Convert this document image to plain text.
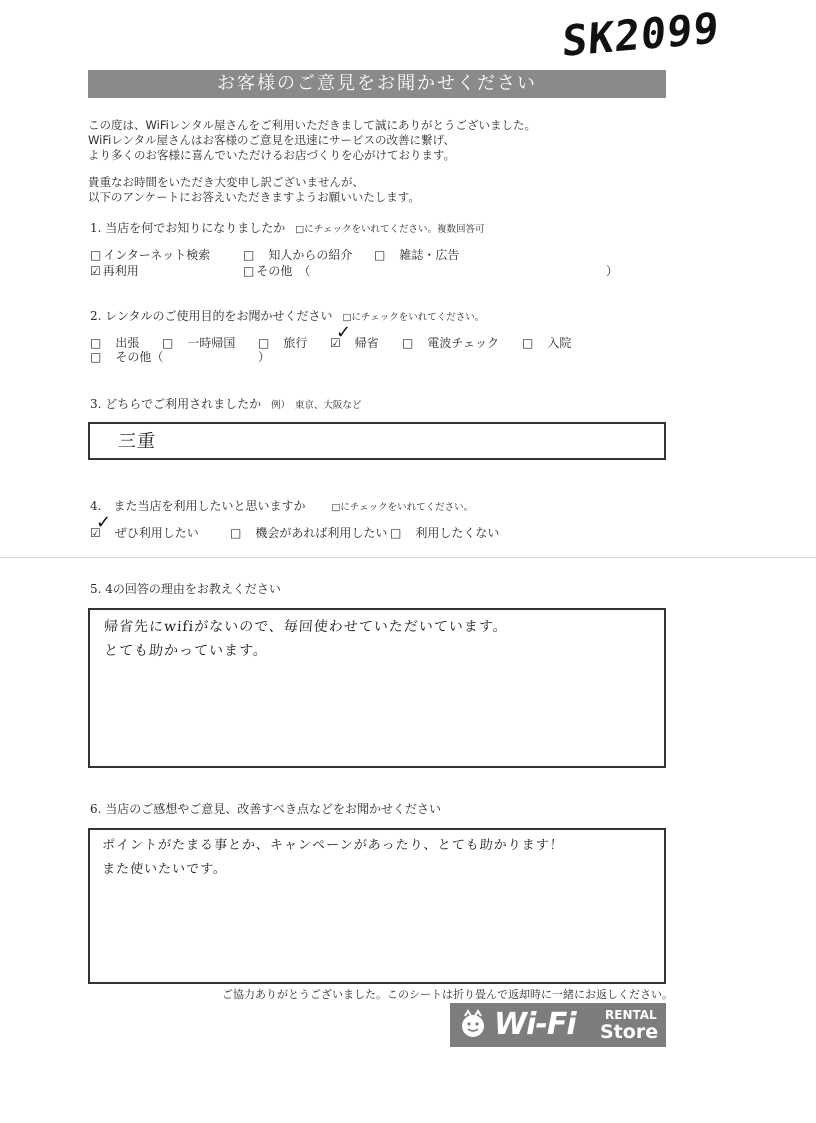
SK2099
お客様のご意見をお聞かせください

この度は、WiFiレンタル屋さんをご利用いただきまして誠にありがとうございました。
WiFiレンタル屋さんはお客様のご意見を迅速にサービスの改善に繋げ、
より多くのお客様に喜んでいただけるお店づくりを心がけております。

貴重なお時間をいただき大変申し訳ございませんが、
以下のアンケートにお答えいただきますようお願いいたします。

1. 当店を何でお知りになりましたか □にチェックをいれてください。複数回答可
□ インターネット検索	□　 知人からの紹介 □　 雑誌・広告
☑ 再利用	□ その他　（	）
2. レンタルのご使用目的をお聞かせください □にチェックをいれてください。
□　 出張 □　 一時帰国 □　 旅行 ☑　 帰省
✓	□　 電波チェック □　 入院
□　 その他（	）
3. どちらでご利用されましたか 例）　東京、大阪など
三重
4.　また当店を利用したいと思いますか	□にチェックをいれてください。
☑　 ぜひ利用したい
✓	□　 機会があれば利用したい □　 利用したくない
5. 4の回答の理由をお教えください
帰省先にwifiがないので、毎回使わせていただいています。
とても助かっています。
6. 当店のご感想やご意見、改善すべき点などをお聞かせください
ポイントがたまる事とか、キャンペーンがあったり、とても助かります！
また使いたいです。
ご協力ありがとうございました。このシートは折り畳んで返却時に一緒にお返しください。
Wi-Fi RENTAL
Store
